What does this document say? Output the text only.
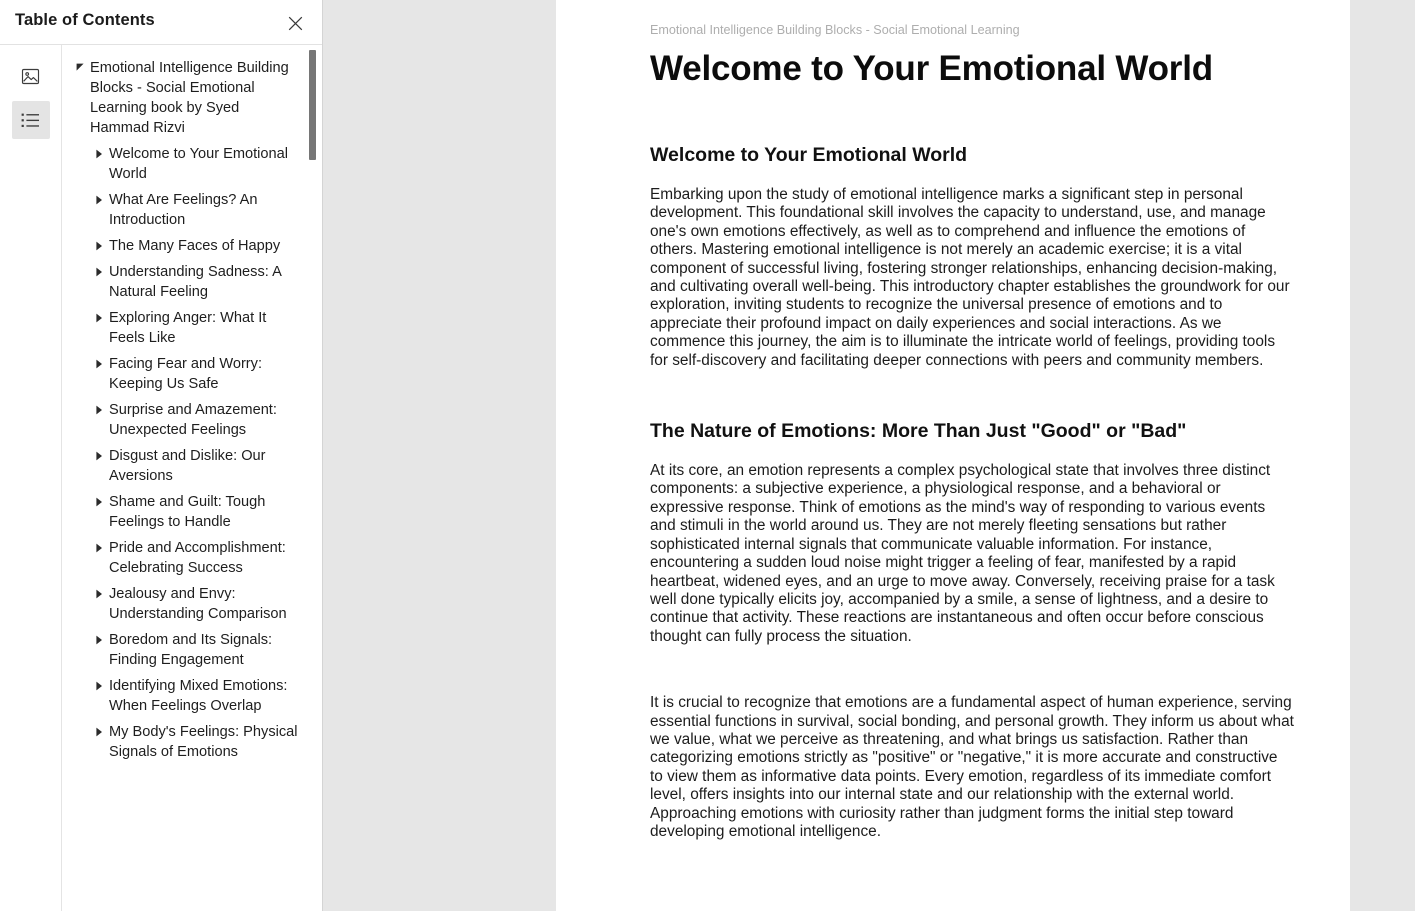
Table of Contents
Emotional Intelligence Building Blocks - Social Emotional Learning book by Syed Hammad Rizvi
Welcome to Your Emotional World
What Are Feelings? An Introduction
The Many Faces of Happy
Understanding Sadness: A Natural Feeling
Exploring Anger: What It Feels Like
Facing Fear and Worry: Keeping Us Safe
Surprise and Amazement: Unexpected Feelings
Disgust and Dislike: Our Aversions
Shame and Guilt: Tough Feelings to Handle
Pride and Accomplishment: Celebrating Success
Jealousy and Envy: Understanding Comparison
Boredom and Its Signals: Finding Engagement
Identifying Mixed Emotions: When Feelings Overlap
My Body's Feelings: Physical Signals of Emotions
Emotional Intelligence Building Blocks - Social Emotional Learning
Welcome to Your Emotional World
Welcome to Your Emotional World

Embarking upon the study of emotional intelligence marks a significant step in personal development. This foundational skill involves the capacity to understand, use, and manage one's own emotions effectively, as well as to comprehend and influence the emotions of others. Mastering emotional intelligence is not merely an academic exercise; it is a vital component of successful living, fostering stronger relationships, enhancing decision-making, and cultivating overall well-being. This introductory chapter establishes the groundwork for our exploration, inviting students to recognize the universal presence of emotions and to appreciate their profound impact on daily experiences and social interactions. As we commence this journey, the aim is to illuminate the intricate world of feelings, providing tools for self-discovery and facilitating deeper connections with peers and community members.

The Nature of Emotions: More Than Just "Good" or "Bad"

At its core, an emotion represents a complex psychological state that involves three distinct components: a subjective experience, a physiological response, and a behavioral or expressive response. Think of emotions as the mind's way of responding to various events and stimuli in the world around us. They are not merely fleeting sensations but rather sophisticated internal signals that communicate valuable information. For instance, encountering a sudden loud noise might trigger a feeling of fear, manifested by a rapid heartbeat, widened eyes, and an urge to move away. Conversely, receiving praise for a task well done typically elicits joy, accompanied by a smile, a sense of lightness, and a desire to continue that activity. These reactions are instantaneous and often occur before conscious thought can fully process the situation.

It is crucial to recognize that emotions are a fundamental aspect of human experience, serving essential functions in survival, social bonding, and personal growth. They inform us about what we value, what we perceive as threatening, and what brings us satisfaction. Rather than categorizing emotions strictly as "positive" or "negative," it is more accurate and constructive to view them as informative data points. Every emotion, regardless of its immediate comfort level, offers insights into our internal state and our relationship with the external world. Approaching emotions with curiosity rather than judgment forms the initial step toward developing emotional intelligence.
